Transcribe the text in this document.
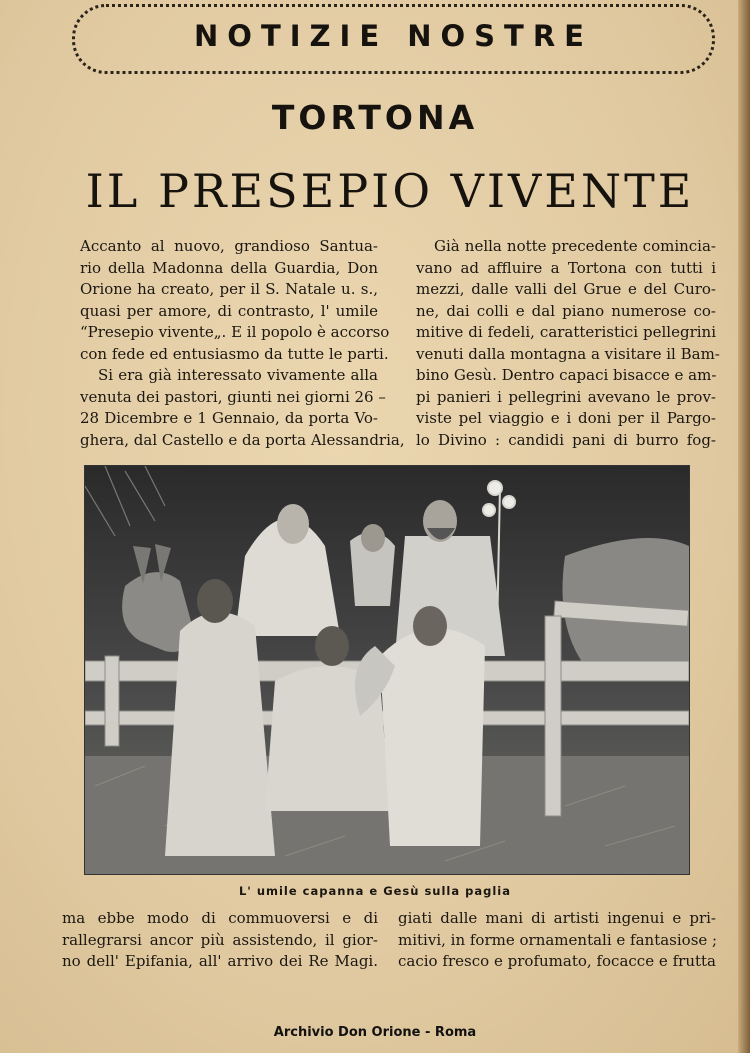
NOTIZIE NOSTRE
TORTONA
IL PRESEPIO VIVENTE

Accanto al nuovo, grandioso Santua-
rio della Madonna della Guardia, Don
Orione ha creato, per il S. Natale u. s.,
quasi per amore, di contrasto, l' umile
“Presepio vivente„. E il popolo è accorso
con fede ed entusiasmo da tutte le parti.
Si era già interessato vivamente alla
venuta dei pastori, giunti nei giorni 26 –
28 Dicembre e 1 Gennaio, da porta Vo-
ghera, dal Castello e da porta Alessandria,

Già nella notte precedente comincia-
vano ad affluire a Tortona con tutti i
mezzi, dalle valli del Grue e del Curo-
ne, dai colli e dal piano numerose co-
mitive di fedeli, caratteristici pellegrini
venuti dalla montagna a visitare il Bam-
bino Gesù. Dentro capaci bisacce e am-
pi panieri i pellegrini avevano le prov-
viste pel viaggio e i doni per il Pargo-
lo Divino : candidi pani di burro fog-

L' umile capanna e Gesù sulla paglia

ma ebbe modo di commuoversi e di
rallegrarsi ancor più assistendo, il gior-
no dell' Epifania, all' arrivo dei Re Magi.

giati dalle mani di artisti ingenui e pri-
mitivi, in forme ornamentali e fantasiose ;
cacio fresco e profumato, focacce e frutta

Archivio Don Orione - Roma
